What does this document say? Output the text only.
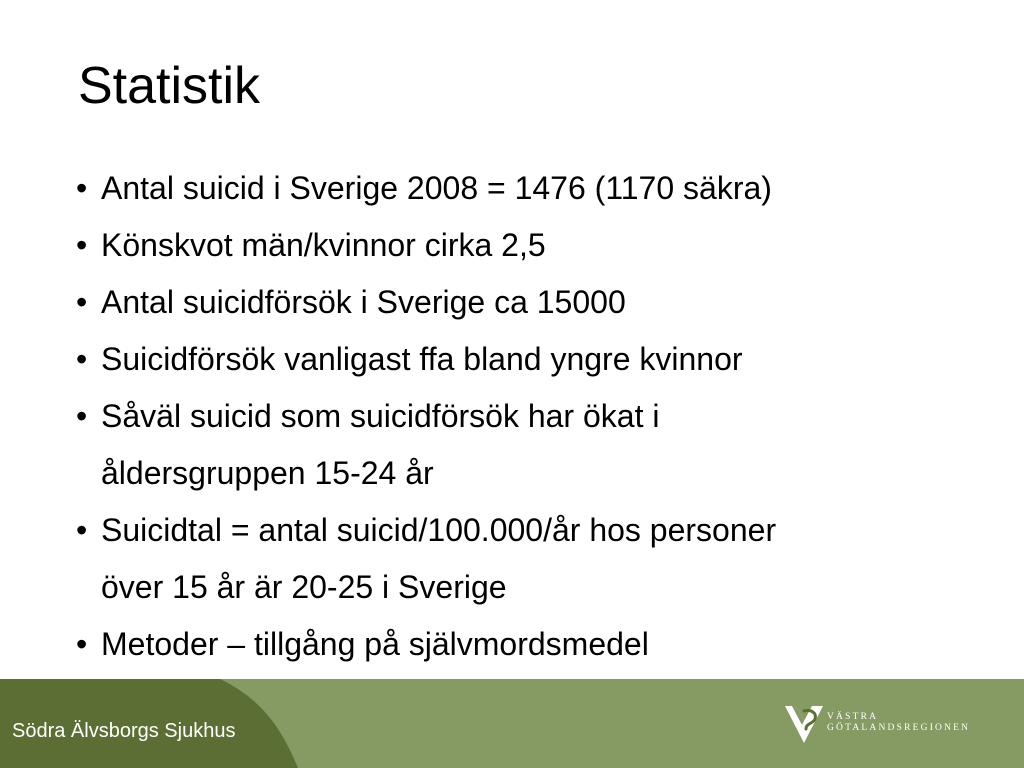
Statistik
• Antal suicid i Sverige 2008 = 1476 (1170 säkra)
• Könskvot män/kvinnor cirka 2,5
• Antal suicidförsök i Sverige ca 15000
• Suicidförsök vanligast ffa bland yngre kvinnor
• Såväl suicid som suicidförsök har ökat i
åldersgruppen 15-24 år
• Suicidtal = antal suicid/100.000/år hos personer
över 15 år är 20-25 i Sverige
• Metoder – tillgång på självmordsmedel
Södra Älvsborgs Sjukhus
VÄSTRA
GÖTALANDSREGIONEN
